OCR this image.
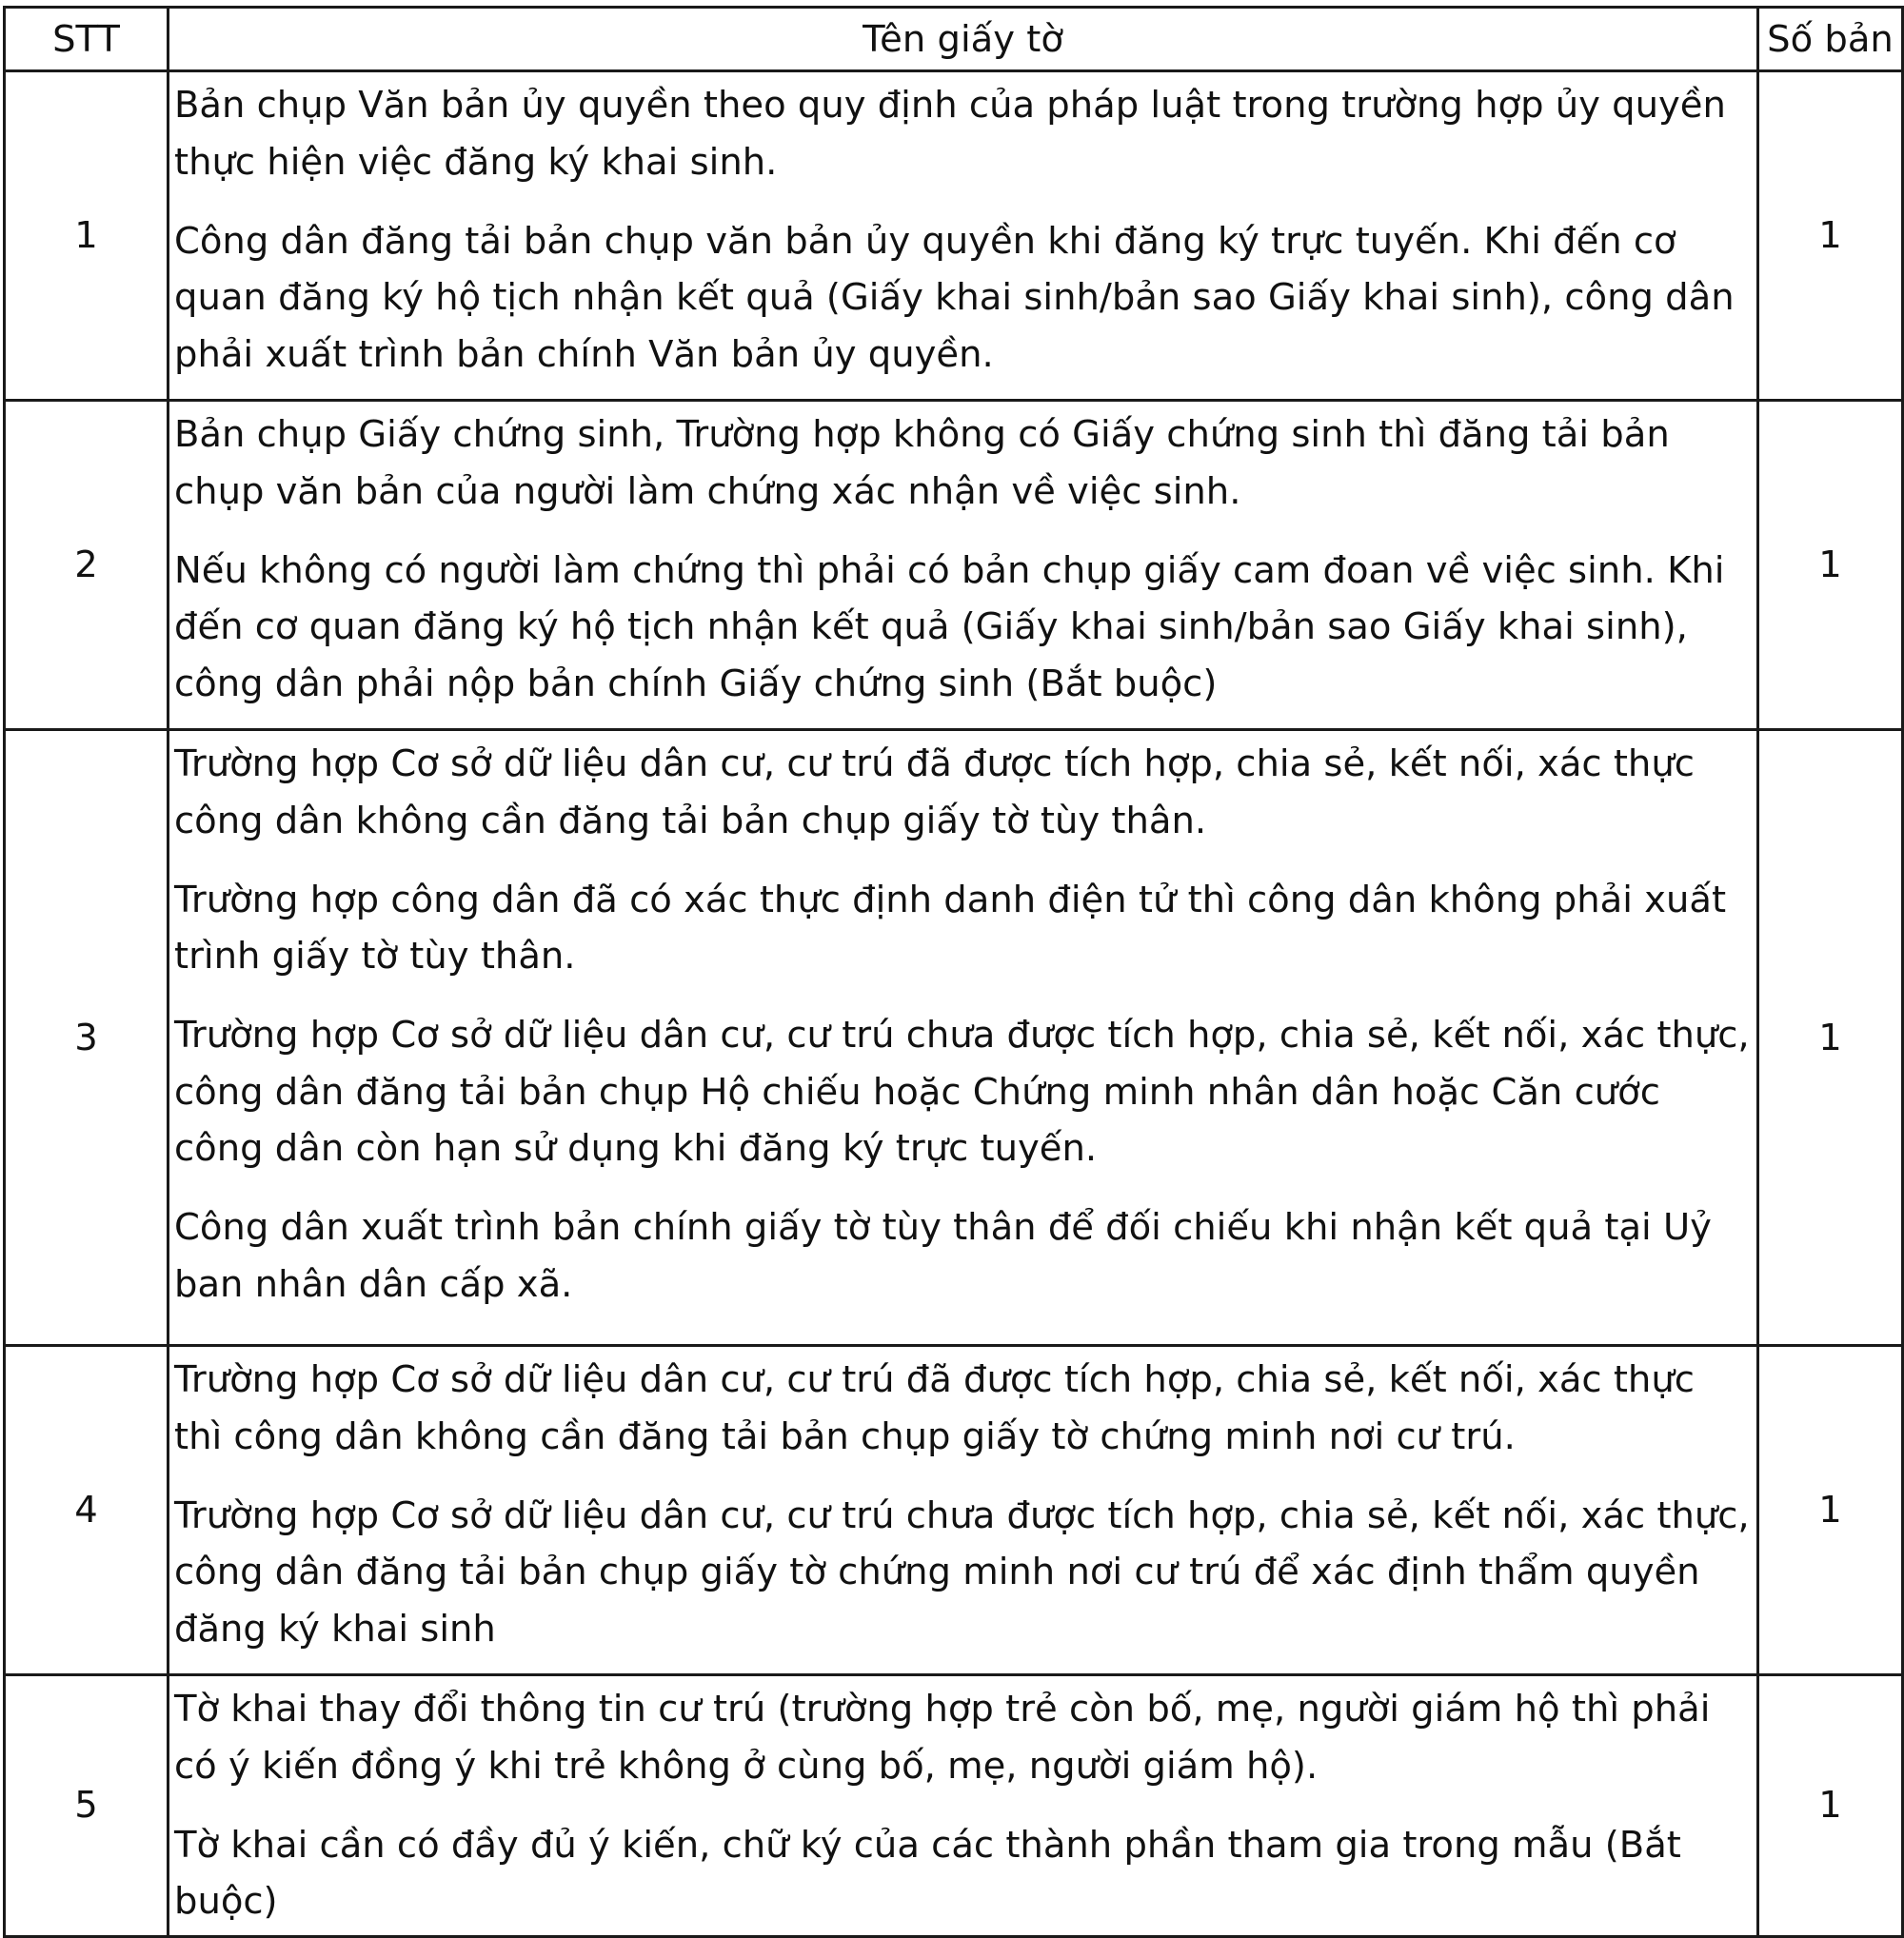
STT	Tên giấy tờ	Số bản
1	Bản chụp Văn bản ủy quyền theo quy định của pháp luật trong trường hợp ủy quyền thực hiện việc đăng ký khai sinh.

Công dân đăng tải bản chụp văn bản ủy quyền khi đăng ký trực tuyến. Khi đến cơ quan đăng ký hộ tịch nhận kết quả (Giấy khai sinh/bản sao Giấy khai sinh), công dân phải xuất trình bản chính Văn bản ủy quyền.	1
2	Bản chụp Giấy chứng sinh, Trường hợp không có Giấy chứng sinh thì đăng tải bản chụp văn bản của người làm chứng xác nhận về việc sinh.

Nếu không có người làm chứng thì phải có bản chụp giấy cam đoan về việc sinh. Khi đến cơ quan đăng ký hộ tịch nhận kết quả (Giấy khai sinh/bản sao Giấy khai sinh), công dân phải nộp bản chính Giấy chứng sinh (Bắt buộc)	1
3	Trường hợp Cơ sở dữ liệu dân cư, cư trú đã được tích hợp, chia sẻ, kết nối, xác thực công dân không cần đăng tải bản chụp giấy tờ tùy thân.

Trường hợp công dân đã có xác thực định danh điện tử thì công dân không phải xuất trình giấy tờ tùy thân.

Trường hợp Cơ sở dữ liệu dân cư, cư trú chưa được tích hợp, chia sẻ, kết nối, xác thực, công dân đăng tải bản chụp Hộ chiếu hoặc Chứng minh nhân dân hoặc Căn cước công dân còn hạn sử dụng khi đăng ký trực tuyến.

Công dân xuất trình bản chính giấy tờ tùy thân để đối chiếu khi nhận kết quả tại Uỷ ban nhân dân cấp xã.	1
4	Trường hợp Cơ sở dữ liệu dân cư, cư trú đã được tích hợp, chia sẻ, kết nối, xác thực thì công dân không cần đăng tải bản chụp giấy tờ chứng minh nơi cư trú.

Trường hợp Cơ sở dữ liệu dân cư, cư trú chưa được tích hợp, chia sẻ, kết nối, xác thực, công dân đăng tải bản chụp giấy tờ chứng minh nơi cư trú để xác định thẩm quyền đăng ký khai sinh	1
5	Tờ khai thay đổi thông tin cư trú (trường hợp trẻ còn bố, mẹ, người giám hộ thì phải có ý kiến đồng ý khi trẻ không ở cùng bố, mẹ, người giám hộ).

Tờ khai cần có đầy đủ ý kiến, chữ ký của các thành phần tham gia trong mẫu (Bắt buộc)	1
